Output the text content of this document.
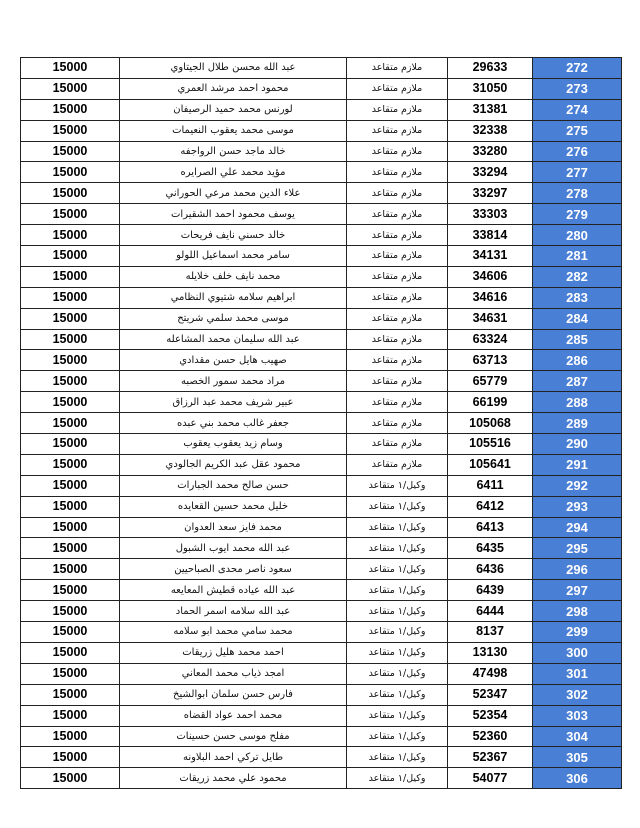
15000	عبد الله محسن طلال الجيتاوي	ملازم متقاعد	29633	272
15000	محمود احمد مرشد العمري	ملازم متقاعد	31050	273
15000	لورنس محمد حميد الرصيفان	ملازم متقاعد	31381	274
15000	موسى محمد يعقوب النعيمات	ملازم متقاعد	32338	275
15000	خالد ماجد حسن الرواجفه	ملازم متقاعد	33280	276
15000	مؤيد محمد علي الصرايره	ملازم متقاعد	33294	277
15000	علاء الدين محمد مرعي الحوراني	ملازم متقاعد	33297	278
15000	يوسف محمود احمد الشقيرات	ملازم متقاعد	33303	279
15000	خالد حسني نايف فريحات	ملازم متقاعد	33814	280
15000	سامر محمد اسماعيل اللولو	ملازم متقاعد	34131	281
15000	محمد نايف خلف خلايله	ملازم متقاعد	34606	282
15000	ابراهيم سلامه شتيوي النظامي	ملازم متقاعد	34616	283
15000	موسى محمد سلمي شريتح	ملازم متقاعد	34631	284
15000	عبد الله سليمان محمد المشاعله	ملازم متقاعد	63324	285
15000	صهيب هايل حسن مقدادي	ملازم متقاعد	63713	286
15000	مراد محمد سمور الخصبه	ملازم متقاعد	65779	287
15000	عبير شريف محمد عبد الرزاق	ملازم متقاعد	66199	288
15000	جعفر غالب محمد بني عبده	ملازم متقاعد	105068	289
15000	وسام زيد يعقوب يعقوب	ملازم متقاعد	105516	290
15000	محمود عقل عبد الكريم الجالودي	ملازم متقاعد	105641	291
15000	حسن صالح محمد الجبارات	وكيل/١ متقاعد	6411	292
15000	خليل محمد حسين القعايده	وكيل/١ متقاعد	6412	293
15000	محمد فايز سعد العدوان	وكيل/١ متقاعد	6413	294
15000	عبد الله محمد ايوب الشبول	وكيل/١ متقاعد	6435	295
15000	سعود ناصر محدى الصباحيين	وكيل/١ متقاعد	6436	296
15000	عبد الله عياده قطيش المعايعه	وكيل/١ متقاعد	6439	297
15000	عبد الله سلامه اسمر الحماد	وكيل/١ متقاعد	6444	298
15000	محمد سامي محمد ابو سلامه	وكيل/١ متقاعد	8137	299
15000	احمد محمد هليل زريقات	وكيل/١ متقاعد	13130	300
15000	امجد ذياب محمد المعاني	وكيل/١ متقاعد	47498	301
15000	فارس حسن سلمان ابوالشيخ	وكيل/١ متقاعد	52347	302
15000	محمد احمد عواد القضاه	وكيل/١ متقاعد	52354	303
15000	مفلح موسى حسن حسينات	وكيل/١ متقاعد	52360	304
15000	طايل تركي احمد البلاونه	وكيل/١ متقاعد	52367	305
15000	محمود علي محمد زريقات	وكيل/١ متقاعد	54077	306
